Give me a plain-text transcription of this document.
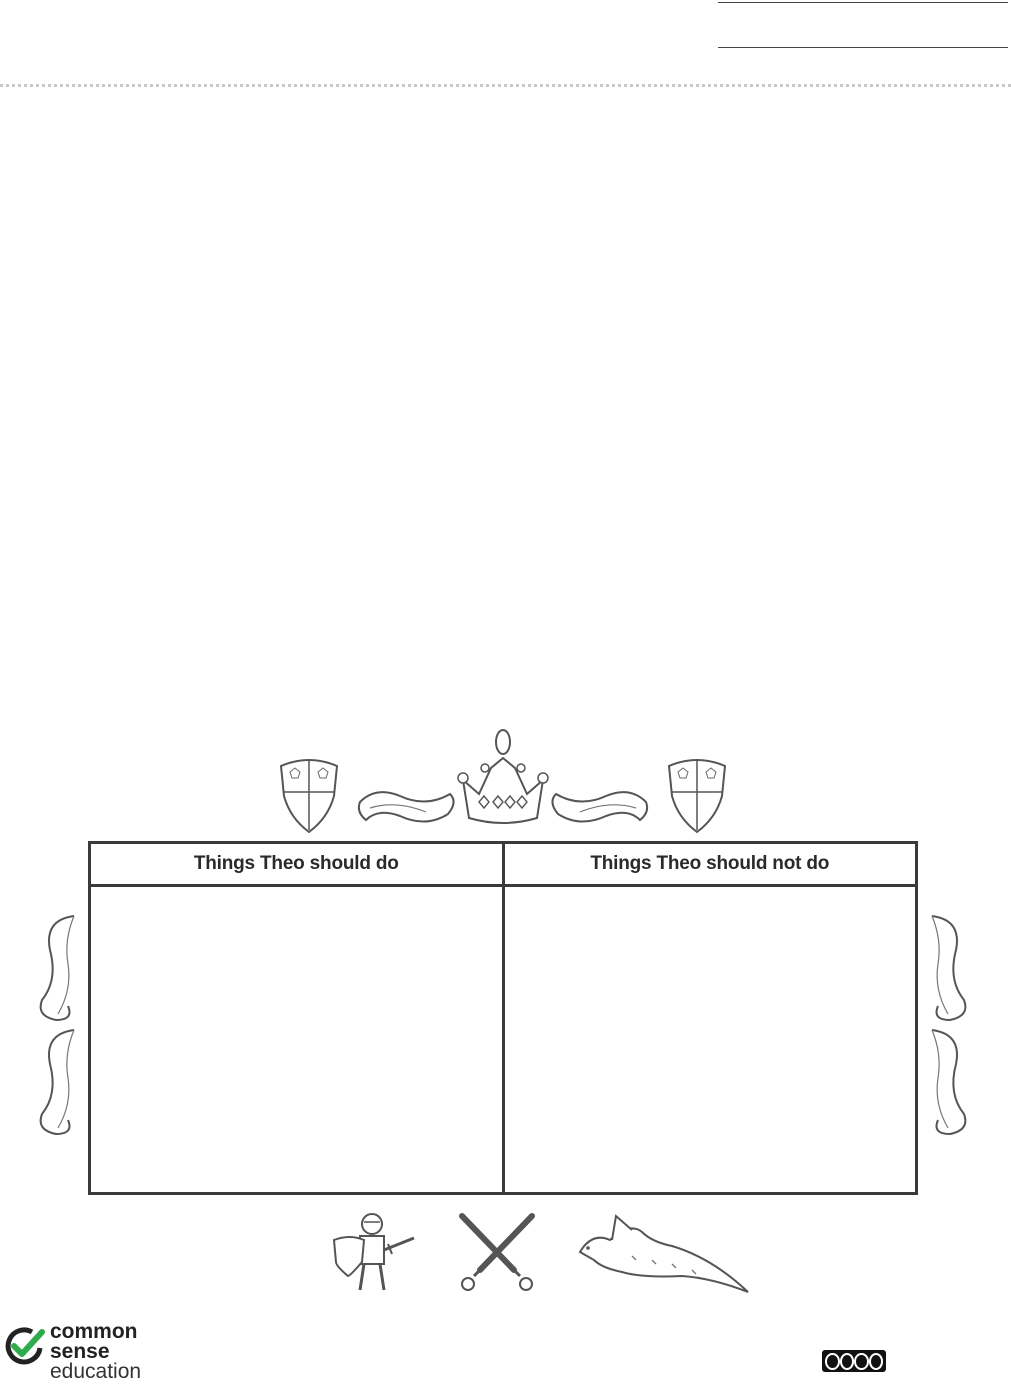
Things Theo should do	Things Theo should not do
common
sense
education
